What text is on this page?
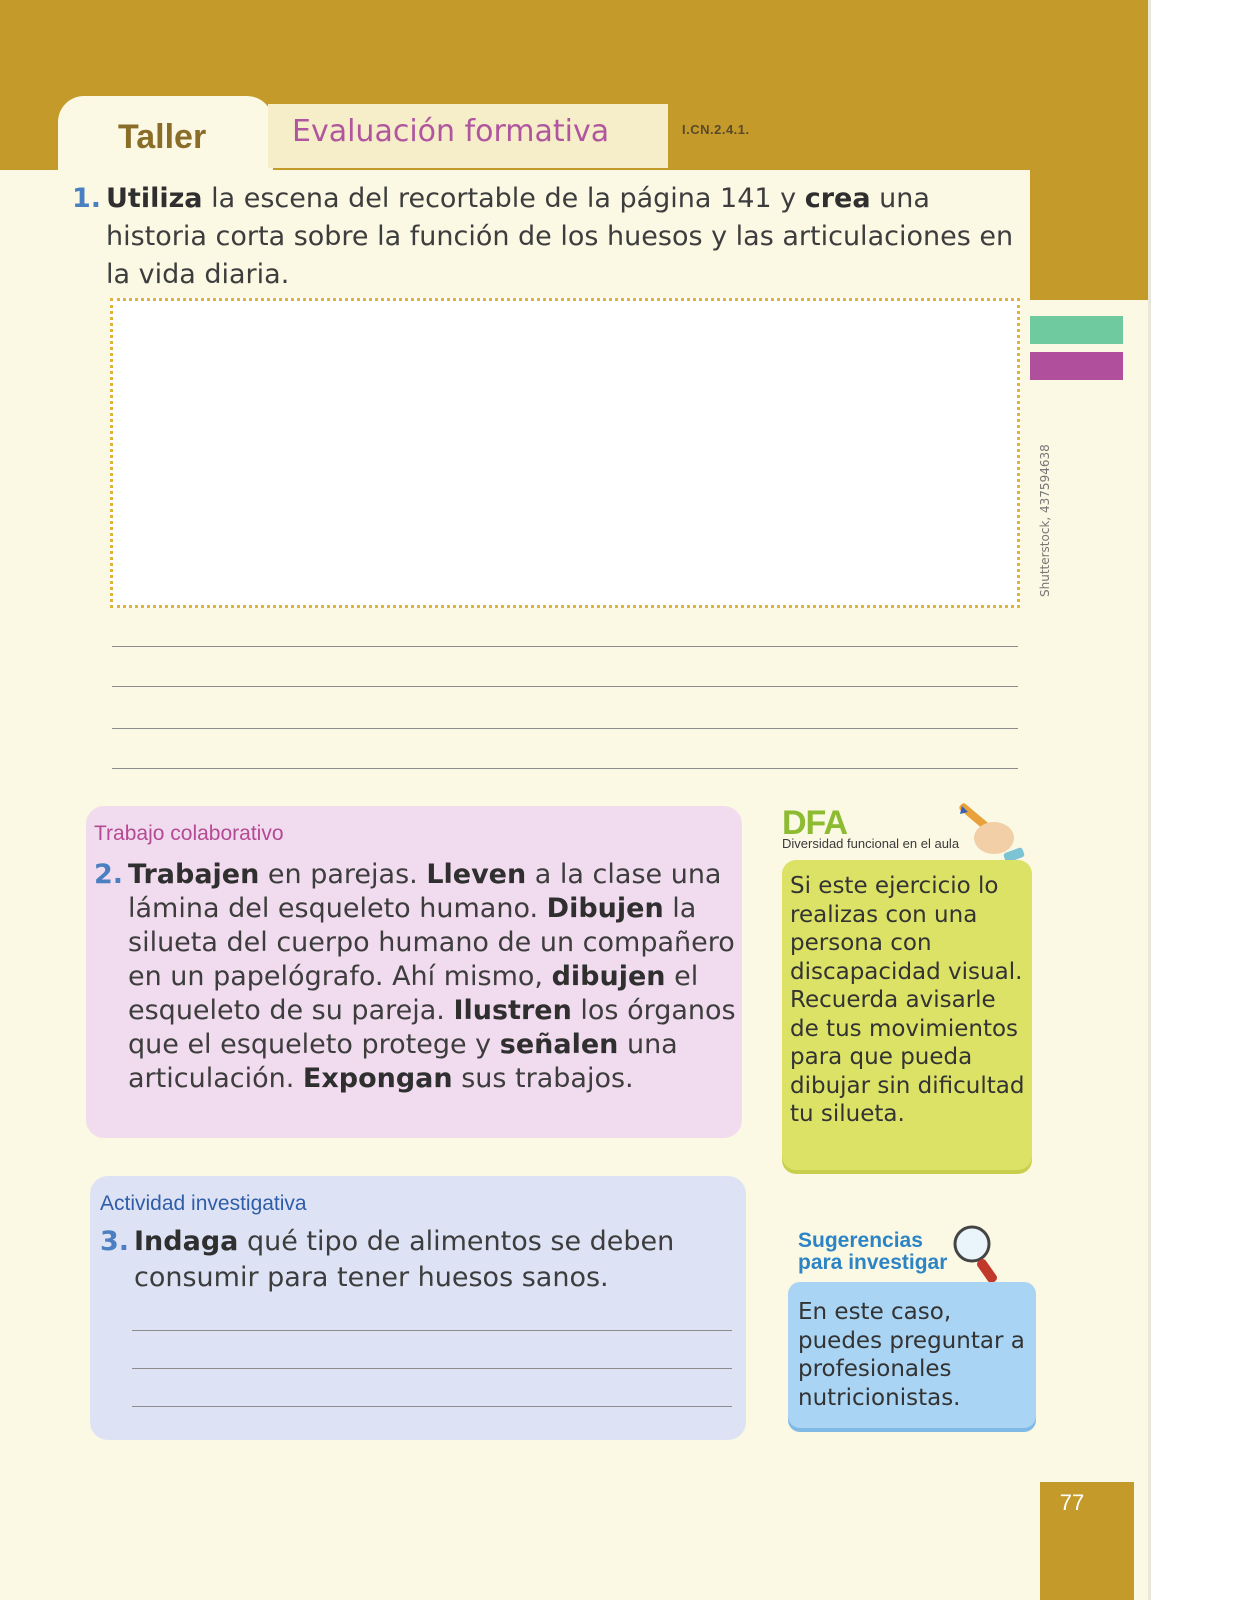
Taller	Evaluación formativa	I.CN.2.4.1.
1. Utiliza la escena del recortable de la página 141 y crea una historia corta sobre la función de los huesos y las articulaciones en la vida diaria.
Shutterstock, 437594638
Trabajo colaborativo
2. Trabajen en parejas. Lleven a la clase una lámina del esqueleto humano. Dibujen la silueta del cuerpo humano de un compañero en un papelógrafo. Ahí mismo, dibujen el esqueleto de su pareja. Ilustren los órganos que el esqueleto protege y señalen una articulación. Expongan sus trabajos.
DFA
Diversidad funcional en el aula
Si este ejercicio lo realizas con una persona con discapacidad visual. Recuerda avisarle de tus movimientos para que pueda dibujar sin dificultad tu silueta.
Actividad investigativa
3. Indaga qué tipo de alimentos se deben consumir para tener huesos sanos.
Sugerencias para investigar
En este caso, puedes preguntar a profesionales nutricionistas.
77
